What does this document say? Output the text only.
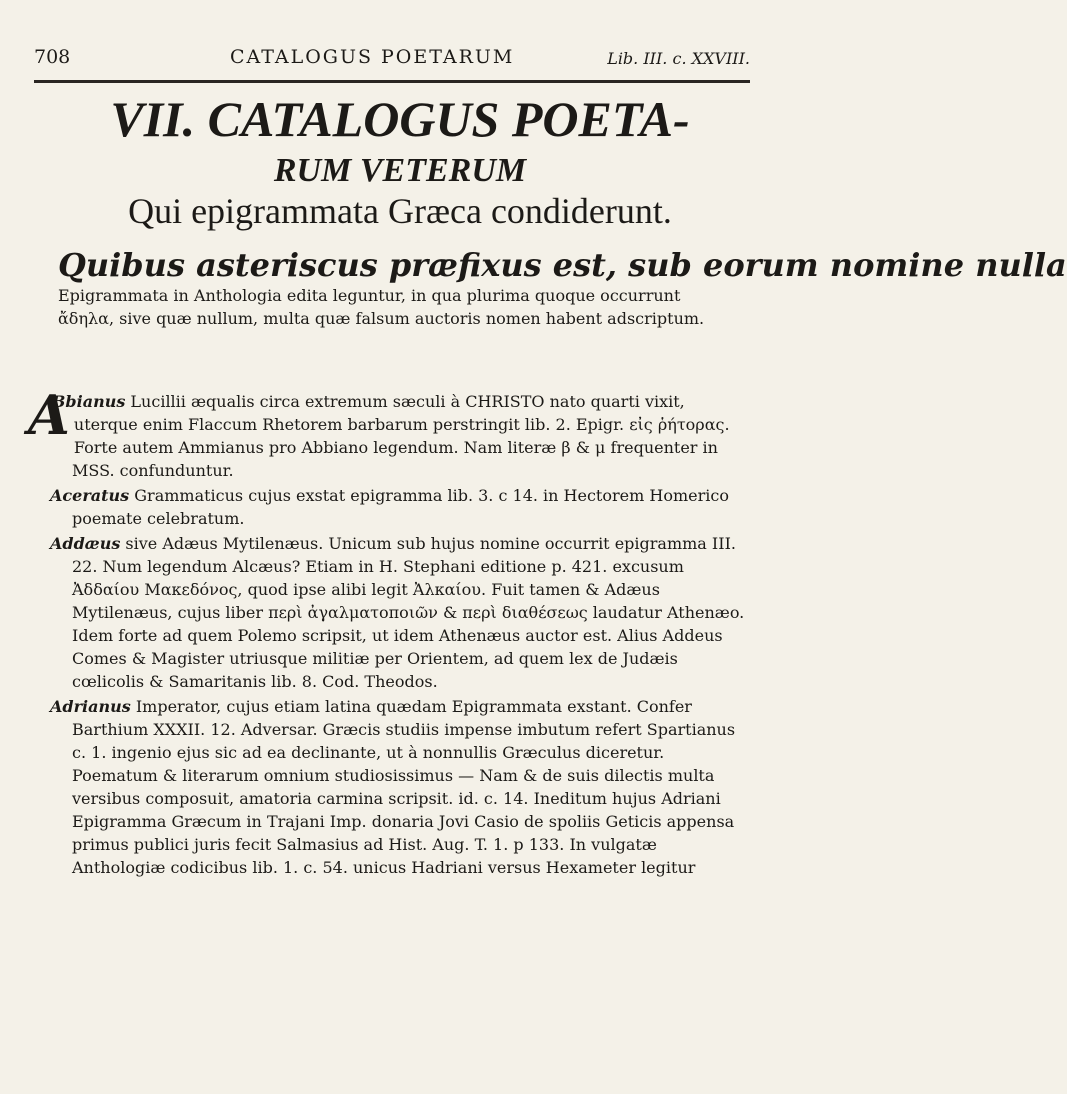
708	CATALOGUS POETARUM	Lib. III. c. XXVIII.
VII. CATALOGUS POETA-
RUM VETERUM
Qui epigrammata Græca condiderunt.

Quibus asteriscus præfixus est, sub eorum nomine nulla

Epigrammata in Anthologia edita leguntur, in qua plurima quoque occurrunt ἄδηλα, sive quæ nullum, multa quæ falsum auctoris nomen habent adscriptum.

A
Bbianus Lucillii æqualis circa extremum sæculi à CHRISTO nato quarti vixit, uterque enim Flaccum Rhetorem barbarum perstringit lib. 2. Epigr. εἰς ῥήτορας. Forte autem Ammianus pro Abbiano legendum. Nam literæ β & μ frequenter in MSS. confunduntur.

Aceratus Grammaticus cujus exstat epigramma lib. 3. c 14. in Hectorem Homerico poemate celebratum.

Addæus sive Adæus Mytilenæus. Unicum sub hujus nomine occurrit epigramma III. 22. Num legendum Alcæus? Etiam in H. Stephani editione p. 421. excusum Ἀδδαίου Μακεδόνος, quod ipse alibi legit Ἀλκαίου. Fuit tamen & Adæus Mytilenæus, cujus liber περὶ ἀγαλματοποιῶν & περὶ διαθέσεως laudatur Athenæo. Idem forte ad quem Polemo scripsit, ut idem Athenæus auctor est. Alius Addeus Comes & Magister utriusque militiæ per Orientem, ad quem lex de Judæis cœlicolis & Samaritanis lib. 8. Cod. Theodos.

Adrianus Imperator, cujus etiam latina quædam Epigrammata exstant. Confer Barthium XXXII. 12. Adversar. Græcis studiis impense imbutum refert Spartianus c. 1. ingenio ejus sic ad ea declinante, ut à nonnullis Græculus diceretur. Poematum & literarum omnium studiosissimus — Nam & de suis dilectis multa versibus composuit, amatoria carmina scripsit. id. c. 14. Ineditum hujus Adriani Epigramma Græcum in Trajani Imp. donaria Jovi Casio de spoliis Geticis appensa primus publici juris fecit Salmasius ad Hist. Aug. T. 1. p 133. In vulgatæ Anthologiæ codicibus lib. 1. c. 54. unicus Hadriani versus Hexameter legitur
